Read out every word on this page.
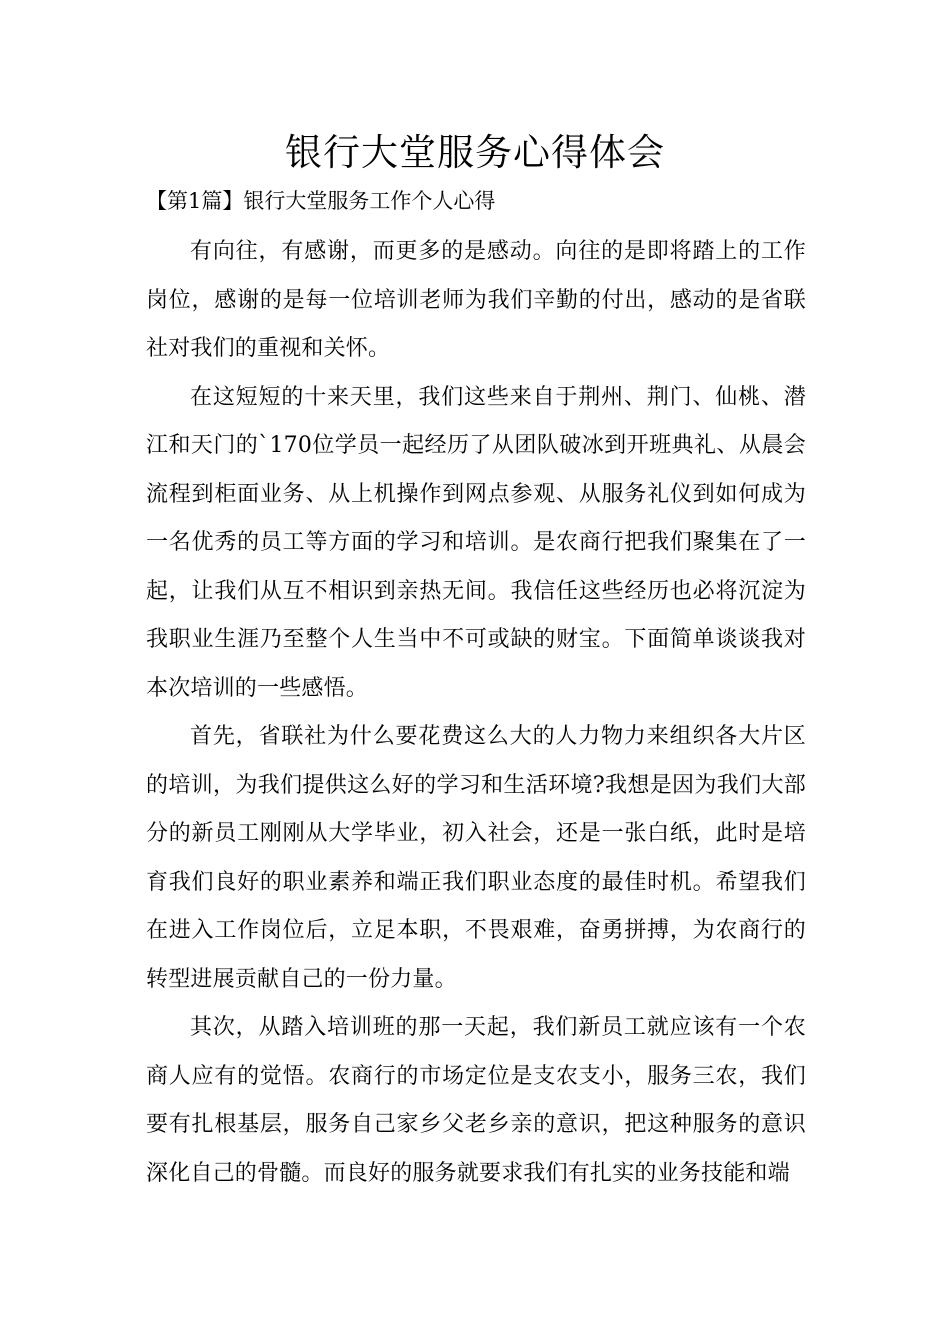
银行大堂服务心得体会
【第1篇】银行大堂服务工作个人心得

有向往，有感谢，而更多的是感动。向往的是即将踏上的工作岗位，感谢的是每一位培训老师为我们辛勤的付出，感动的是省联社对我们的重视和关怀。

在这短短的十来天里，我们这些来自于荆州、荆门、仙桃、潜江和天门的`170位学员一起经历了从团队破冰到开班典礼、从晨会流程到柜面业务、从上机操作到网点参观、从服务礼仪到如何成为一名优秀的员工等方面的学习和培训。是农商行把我们聚集在了一起，让我们从互不相识到亲热无间。我信任这些经历也必将沉淀为我职业生涯乃至整个人生当中不可或缺的财宝。下面简单谈谈我对本次培训的一些感悟。

首先，省联社为什么要花费这么大的人力物力来组织各大片区的培训，为我们提供这么好的学习和生活环境?我想是因为我们大部分的新员工刚刚从大学毕业，初入社会，还是一张白纸，此时是培育我们良好的职业素养和端正我们职业态度的最佳时机。希望我们在进入工作岗位后，立足本职，不畏艰难，奋勇拼搏，为农商行的转型进展贡献自己的一份力量。

其次，从踏入培训班的那一天起，我们新员工就应该有一个农商人应有的觉悟。农商行的市场定位是支农支小，服务三农，我们要有扎根基层，服务自己家乡父老乡亲的意识，把这种服务的意识深化自己的骨髓。而良好的服务就要求我们有扎实的业务技能和端
